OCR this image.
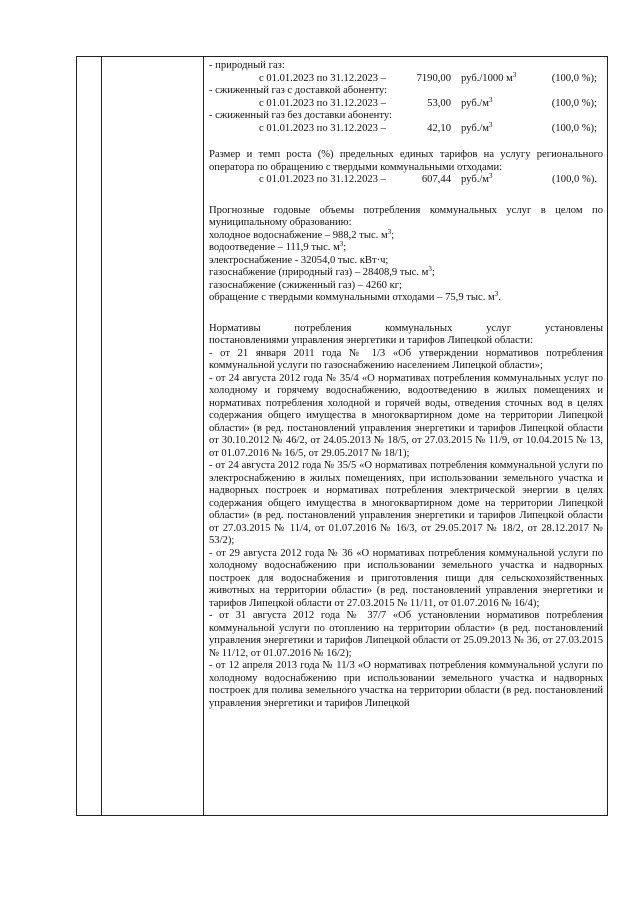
- природный газ:
с 01.01.2023 по 31.12.2023 –	7190,00 руб./1000 $м^3$	(100,0 %);
- сжиженный газ с доставкой абоненту:
с 01.01.2023 по 31.12.2023 –	53,00 $руб./м^3$	(100,0 %);
- сжиженный газ без доставки абоненту:
с 01.01.2023 по 31.12.2023 –	42,10 $руб./м^3$	(100,0 %);
Размер и темп роста (%) предельных единых тарифов на услугу регионального оператора по обращению с твердыми коммунальными отходами:
с 01.01.2023 по 31.12.2023 –	607,44 $руб./м^3$	(100,0 %).
Прогнозные годовые объемы потребления коммунальных услуг в целом по муниципальному образованию:
холодное водоснабжение – 988,2 тыс. $м^3$;
водоотведение – 111,9 тыс. $м^3$;
электроснабжение - 32054,0 тыс. кВт·ч;
газоснабжение (природный газ) – 28408,9 тыс. $м^3$;
газоснабжение (сжиженный газ) – 4260 кг;
обращение с твердыми коммунальными отходами – 75,9 тыс. $м^3$.
Нормативы потребления коммунальных услуг установлены
постановлениями управления энергетики и тарифов Липецкой области:
- от 21 января 2011 года № 1/3 «Об утверждении нормативов потребления коммунальной услуги по газоснабжению населением Липецкой области»;
- от 24 августа 2012 года № 35/4 «О нормативах потребления коммунальных услуг по холодному и горячему водоснабжению, водоотведению в жилых помещениях и нормативах потребления холодной и горячей воды, отведения сточных вод в целях содержания общего имущества в многоквартирном доме на территории Липецкой области» (в ред. постановлений управления энергетики и тарифов Липецкой области от 30.10.2012 № 46/2, от 24.05.2013 № 18/5, от 27.03.2015 № 11/9, от 10.04.2015 № 13, от 01.07.2016 № 16/5, от 29.05.2017 № 18/1);
- от 24 августа 2012 года № 35/5 «О нормативах потребления коммунальной услуги по электроснабжению в жилых помещениях, при использовании земельного участка и надворных построек и нормативах потребления электрической энергии в целях содержания общего имущества в многоквартирном доме на территории Липецкой области» (в ред. постановлений управления энергетики и тарифов Липецкой области от 27.03.2015 № 11/4, от 01.07.2016 № 16/3, от 29.05.2017 № 18/2, от 28.12.2017 № 53/2);
- от 29 августа 2012 года № 36 «О нормативах потребления коммунальной услуги по холодному водоснабжению при использовании земельного участка и надворных построек для водоснабжения и приготовления пищи для сельскохозяйственных животных на территории области» (в ред. постановлений управления энергетики и тарифов Липецкой области от 27.03.2015 № 11/11, от 01.07.2016 № 16/4);
- от 31 августа 2012 года № 37/7 «Об установлении нормативов потребления коммунальной услуги по отоплению на территории области» (в ред. постановлений управления энергетики и тарифов Липецкой области от 25.09.2013 № 36, от 27.03.2015 № 11/12, от 01.07.2016 № 16/2);
- от 12 апреля 2013 года № 11/3 «О нормативах потребления коммунальной услуги по холодному водоснабжению при использовании земельного участка и надворных построек для полива земельного участка на территории области (в ред. постановлений управления энергетики и тарифов Липецкой
